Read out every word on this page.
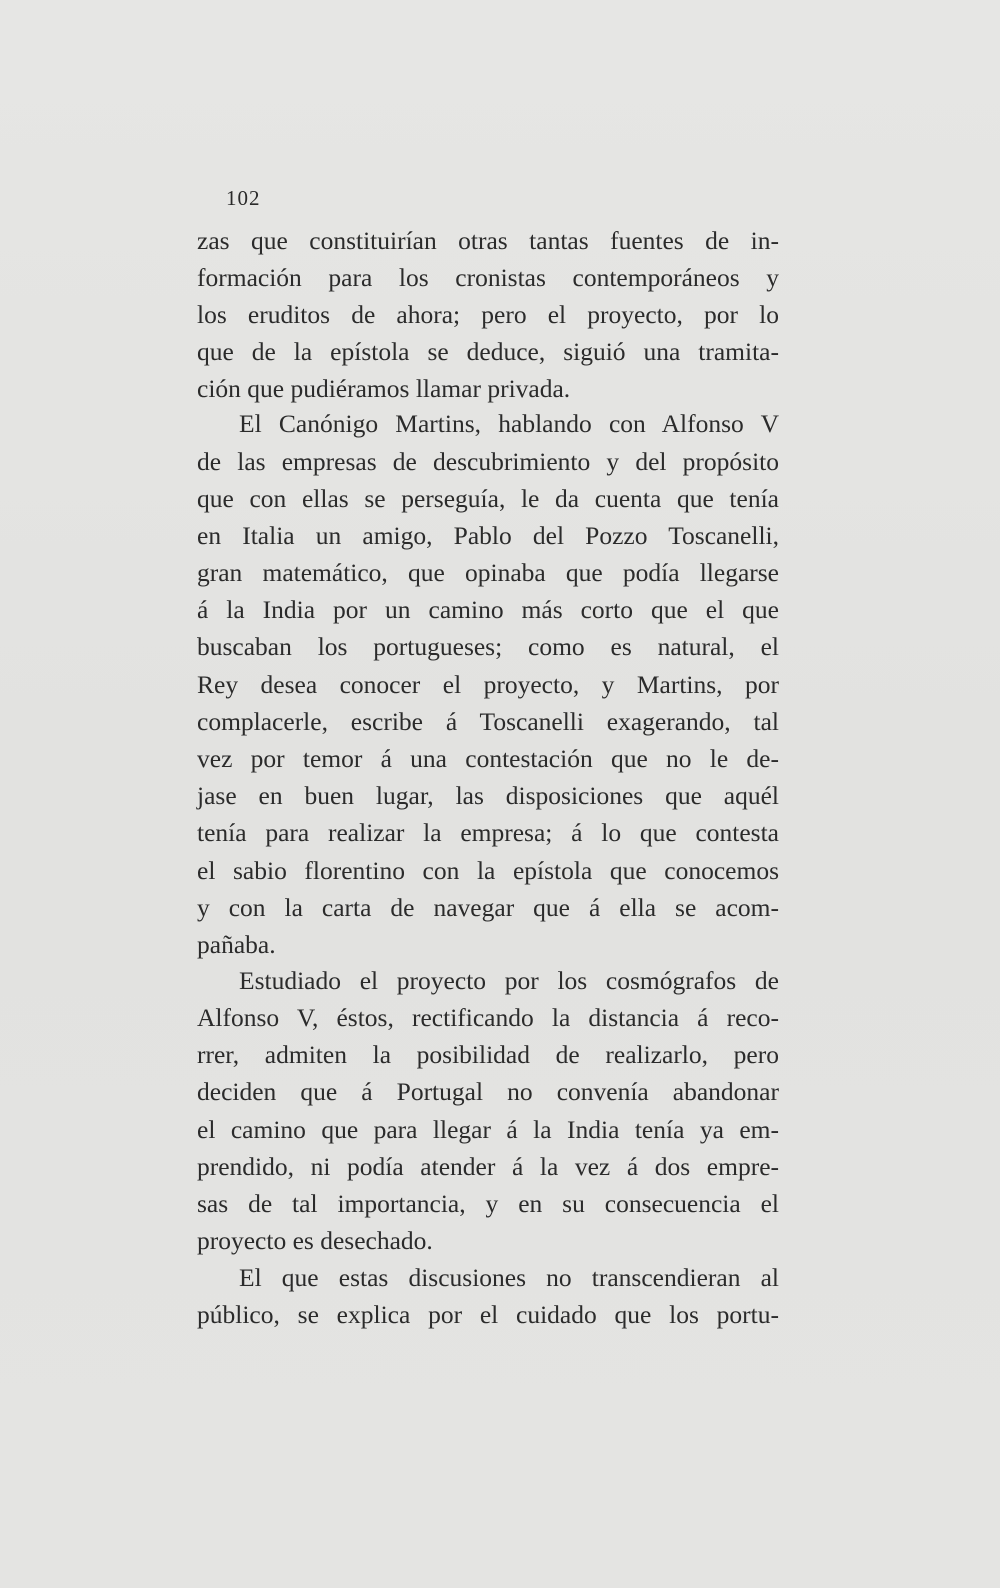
102
zas que constituirían otras tantas fuentes de in-
formación para los cronistas contemporáneos y
los eruditos de ahora; pero el proyecto, por lo
que de la epístola se deduce, siguió una tramita-
ción que pudiéramos llamar privada.
El Canónigo Martins, hablando con Alfonso V
de las empresas de descubrimiento y del propósito
que con ellas se perseguía, le da cuenta que tenía
en Italia un amigo, Pablo del Pozzo Toscanelli,
gran matemático, que opinaba que podía llegarse
á la India por un camino más corto que el que
buscaban los portugueses; como es natural, el
Rey desea conocer el proyecto, y Martins, por
complacerle, escribe á Toscanelli exagerando, tal
vez por temor á una contestación que no le de-
jase en buen lugar, las disposiciones que aquél
tenía para realizar la empresa; á lo que contesta
el sabio florentino con la epístola que conocemos
y con la carta de navegar que á ella se acom-
pañaba.
Estudiado el proyecto por los cosmógrafos de
Alfonso V, éstos, rectificando la distancia á reco-
rrer, admiten la posibilidad de realizarlo, pero
deciden que á Portugal no convenía abandonar
el camino que para llegar á la India tenía ya em-
prendido, ni podía atender á la vez á dos empre-
sas de tal importancia, y en su consecuencia el
proyecto es desechado.
El que estas discusiones no transcendieran al
público, se explica por el cuidado que los portu-
